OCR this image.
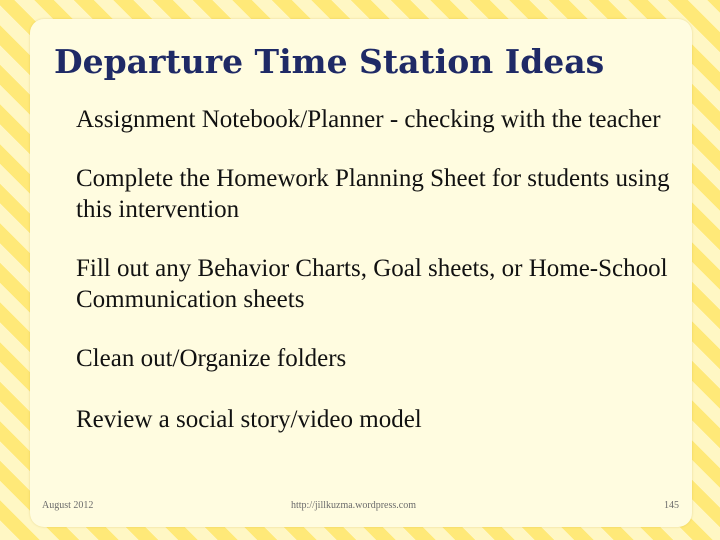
Departure Time Station Ideas
Assignment Notebook/Planner - checking with the teacher
Complete the Homework Planning Sheet for students using this intervention
Fill out any Behavior Charts, Goal sheets, or Home-School Communication sheets
Clean out/Organize folders
Review a social story/video model
August 2012	http://jillkuzma.wordpress.com	145
